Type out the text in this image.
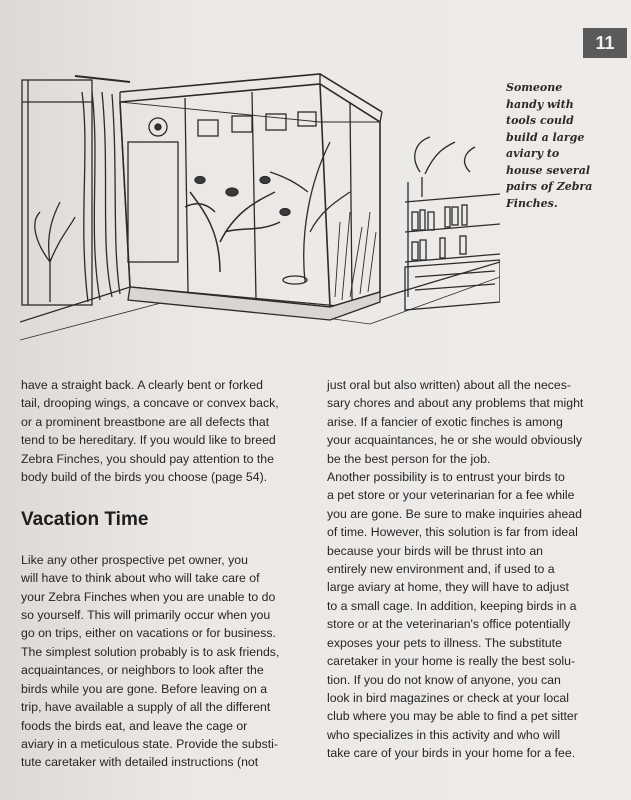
11
Someone
handy with
tools could
build a large
aviary to
house several
pairs of Zebra
Finches.

have a straight back. A clearly bent or forked
tail, drooping wings, a concave or convex back,
or a prominent breastbone are all defects that
tend to be hereditary. If you would like to breed
Zebra Finches, you should pay attention to the
body build of the birds you choose (page 54).

Vacation Time

Like any other prospective pet owner, you
will have to think about who will take care of
your Zebra Finches when you are unable to do
so yourself. This will primarily occur when you
go on trips, either on vacations or for business.
The simplest solution probably is to ask friends,
acquaintances, or neighbors to look after the
birds while you are gone. Before leaving on a
trip, have available a supply of all the different
foods the birds eat, and leave the cage or
aviary in a meticulous state. Provide the substi-
tute caretaker with detailed instructions (not

just oral but also written) about all the neces-
sary chores and about any problems that might
arise. If a fancier of exotic finches is among
your acquaintances, he or she would obviously
be the best person for the job.
Another possibility is to entrust your birds to
a pet store or your veterinarian for a fee while
you are gone. Be sure to make inquiries ahead
of time. However, this solution is far from ideal
because your birds will be thrust into an
entirely new environment and, if used to a
large aviary at home, they will have to adjust
to a small cage. In addition, keeping birds in a
store or at the veterinarian's office potentially
exposes your pets to illness. The substitute
caretaker in your home is really the best solu-
tion. If you do not know of anyone, you can
look in bird magazines or check at your local
club where you may be able to find a pet sitter
who specializes in this activity and who will
take care of your birds in your home for a fee.
